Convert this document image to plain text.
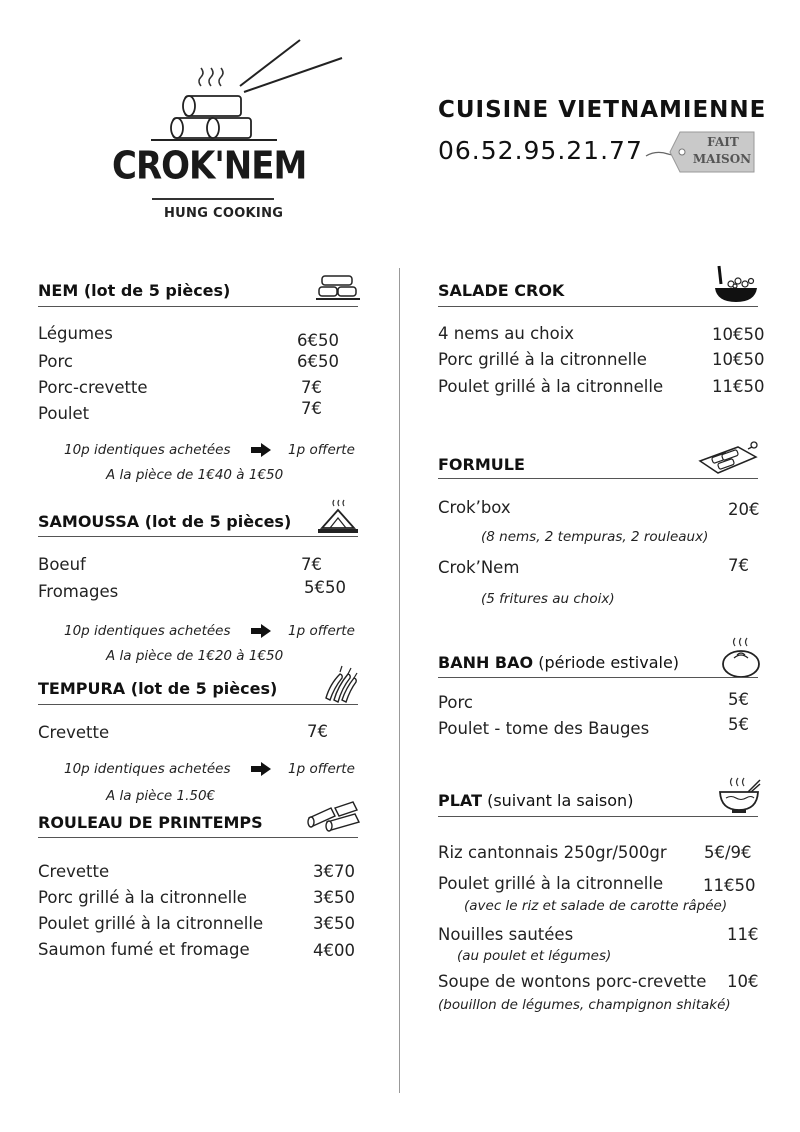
CROK'NEM
HUNG COOKING
CUISINE VIETNAMIENNE
06.52.95.21.77	FAIT
MAISON
NEM (lot de 5 pièces)
Légumes	6€50
Porc	6€50
Porc-crevette	7€
Poulet	7€
10p identiques achetées	1p offerte
A la pièce de 1€40 à 1€50
SAMOUSSA (lot de 5 pièces)
Boeuf	7€
Fromages	5€50
10p identiques achetées	1p offerte
A la pièce de 1€20 à 1€50
TEMPURA (lot de 5 pièces)
Crevette	7€
10p identiques achetées	1p offerte
A la pièce 1.50€
ROULEAU DE PRINTEMPS
Crevette	3€70
Porc grillé à la citronnelle	3€50
Poulet grillé à la citronnelle	3€50
Saumon fumé et fromage	4€00
SALADE CROK
4 nems au choix	10€50
Porc grillé à la citronnelle	10€50
Poulet grillé à la citronnelle	11€50
FORMULE
Crok’box	20€
(8 nems, 2 tempuras, 2 rouleaux)
Crok’Nem	7€
(5 fritures au choix)
BANH BAO (période estivale)
Porc	5€
Poulet - tome des Bauges	5€
PLAT (suivant la saison)
Riz cantonnais 250gr/500gr 5€/9€
Poulet grillé à la citronnelle 11€50
(avec le riz et salade de carotte râpée)
Nouilles sautées	11€
(au poulet et légumes)
Soupe de wontons porc-crevette 10€
(bouillon de légumes, champignon shitaké)
